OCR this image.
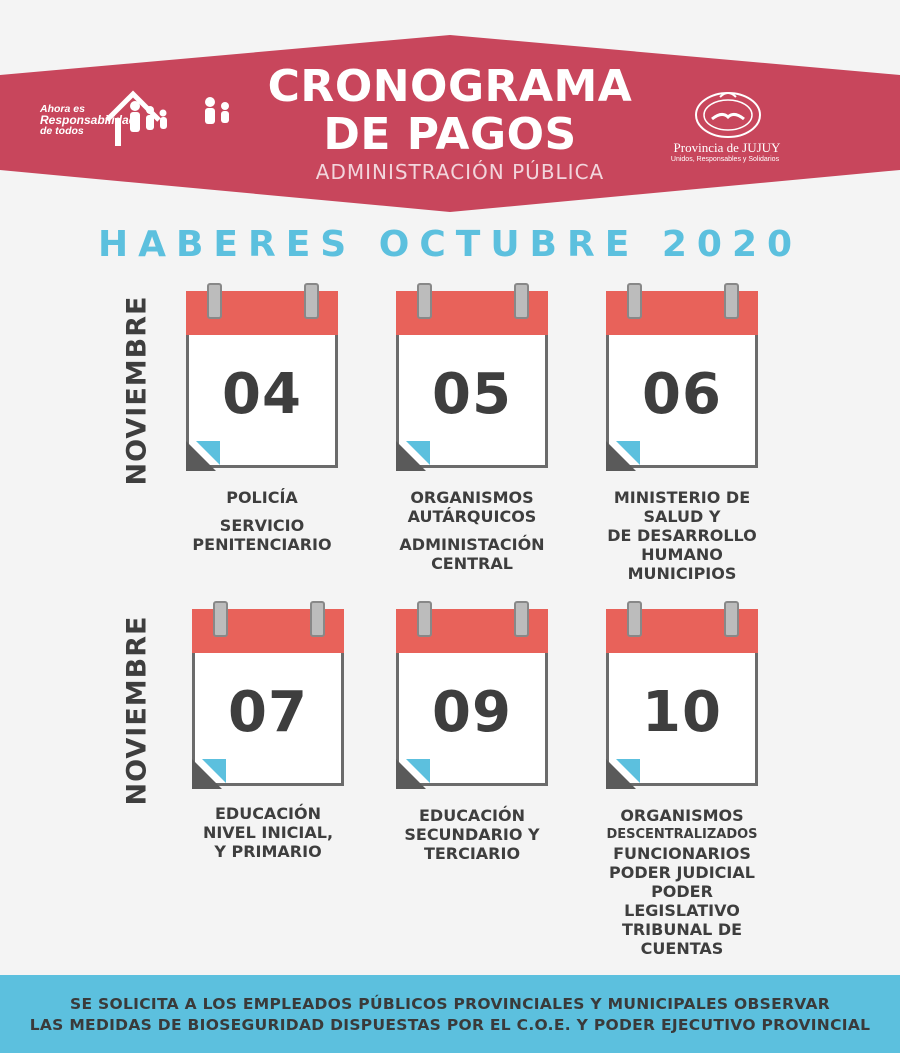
Ahora es
Responsabilidad
de todos
CRONOGRAMA
DE PAGOS
ADMINISTRACIÓN PÚBLICA
Provincia de JUJUY
Unidos, Responsables y Solidarios
HABERES OCTUBRE 2020
NOVIEMBRE
NOVIEMBRE
04	05	06
POLICÍA
SERVICIO
PENITENCIARIO
ORGANISMOS
AUTÁRQUICOS
ADMINISTACIÓN
CENTRAL
MINISTERIO DE
SALUD Y
DE DESARROLLO
HUMANO
MUNICIPIOS
07	09	10
EDUCACIÓN
NIVEL INICIAL,
Y PRIMARIO
EDUCACIÓN
SECUNDARIO Y
TERCIARIO
ORGANISMOS
DESCENTRALIZADOS
FUNCIONARIOS
PODER JUDICIAL
PODER
LEGISLATIVO
TRIBUNAL DE
CUENTAS
SE SOLICITA A LOS EMPLEADOS PÚBLICOS PROVINCIALES Y MUNICIPALES OBSERVAR
LAS MEDIDAS DE BIOSEGURIDAD DISPUESTAS POR EL C.O.E. Y PODER EJECUTIVO PROVINCIAL
